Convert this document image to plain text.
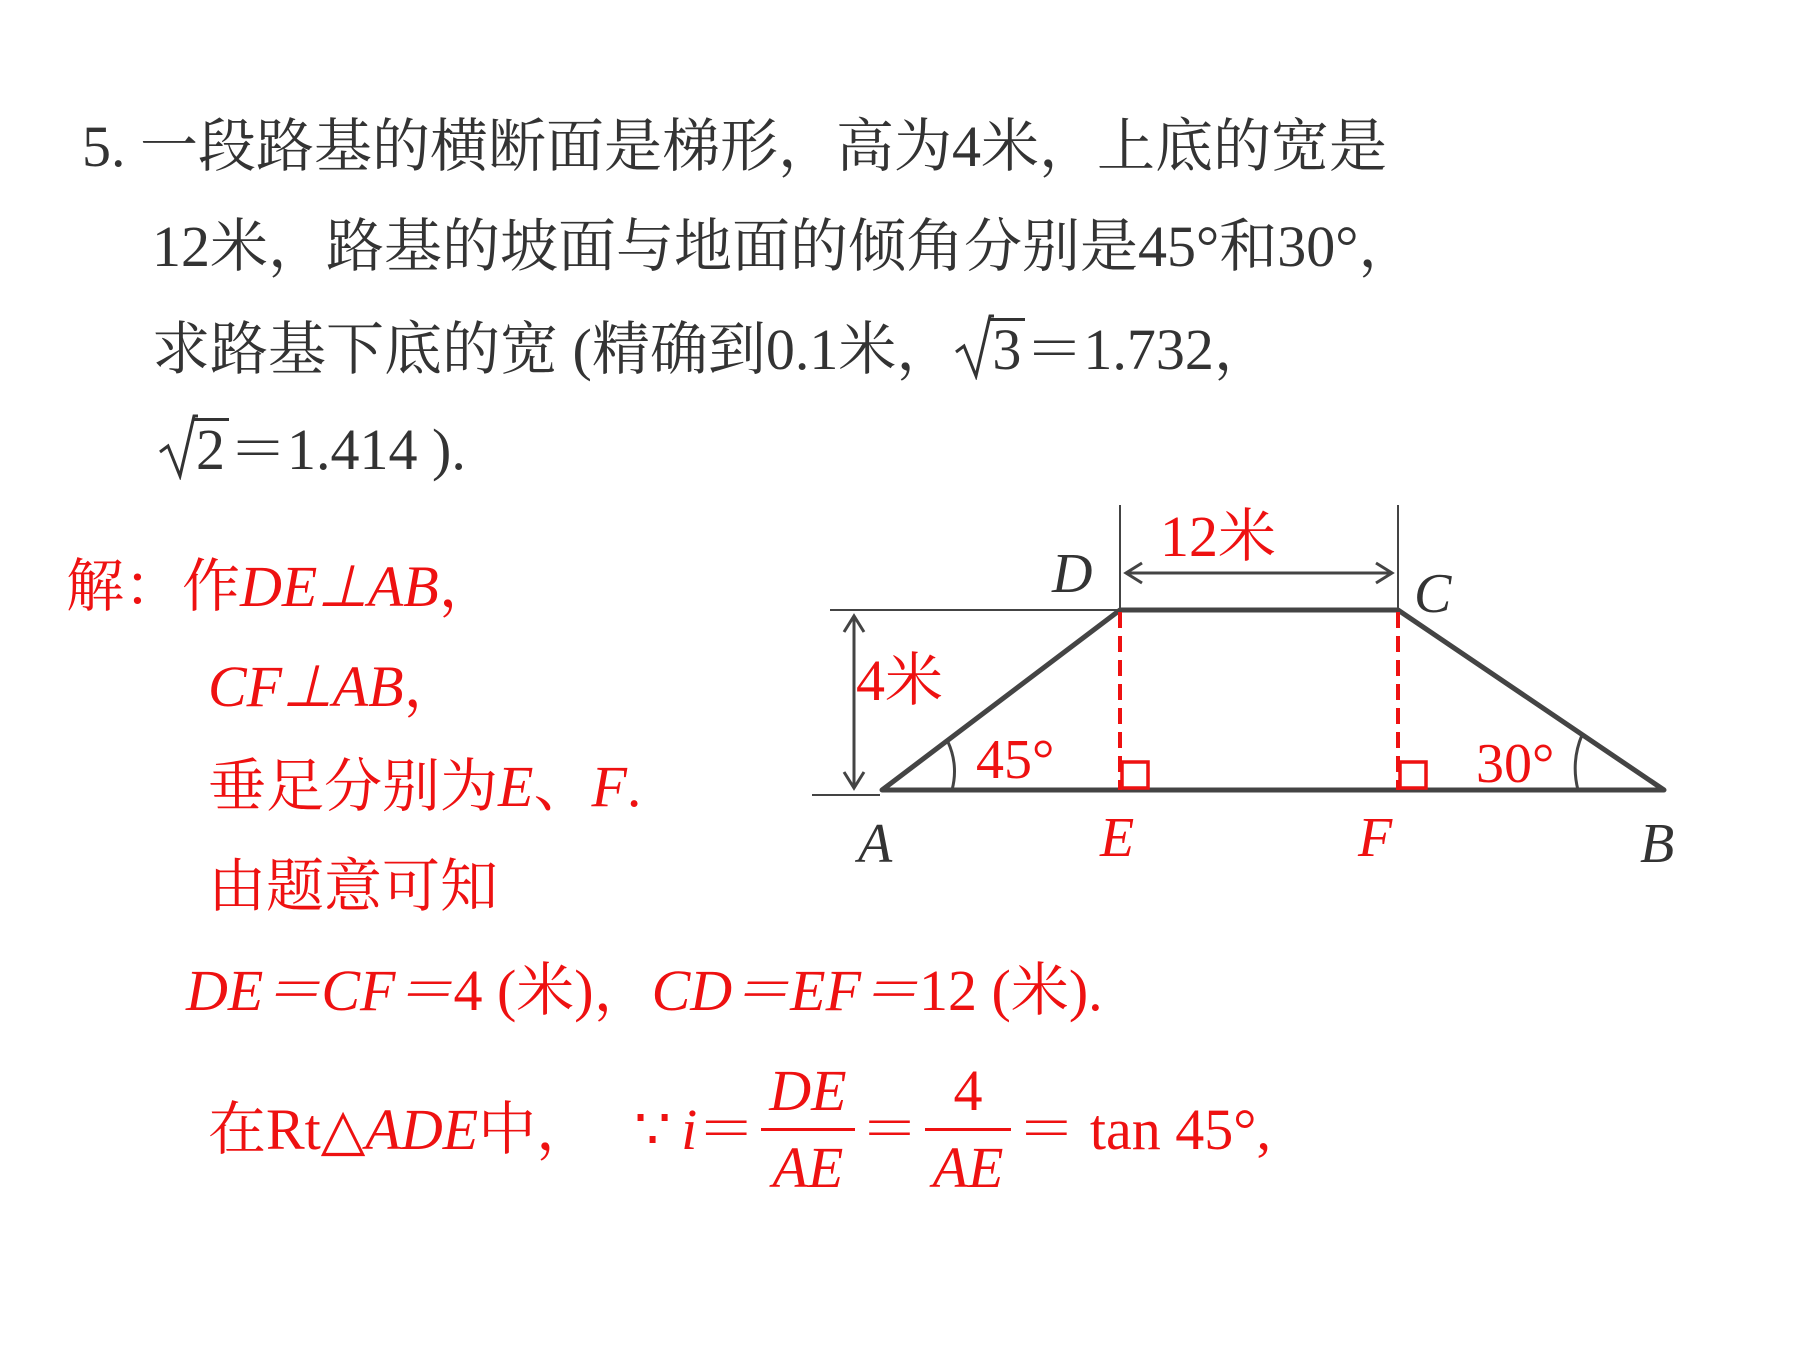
5. 一段路基的横断面是梯形，高为4米，上底的宽是
12米，路基的坡面与地面的倾角分别是45°和30°，
求路基下底的宽 (精确到0.1米， 3＝1.732，
2＝1.414 ).
解：作DE⊥AB，
CF⊥AB，
垂足分别为E、F.
由题意可知
DE＝CF＝4 (米)，CD＝EF＝12 (米).
在Rt△ ADE 中， ∵ $i = \frac{DE}{AE} = \frac{4}{AE} = \tan 45^\circ$,
A	B
C
D
E	F
12米
4米
45°	30°
